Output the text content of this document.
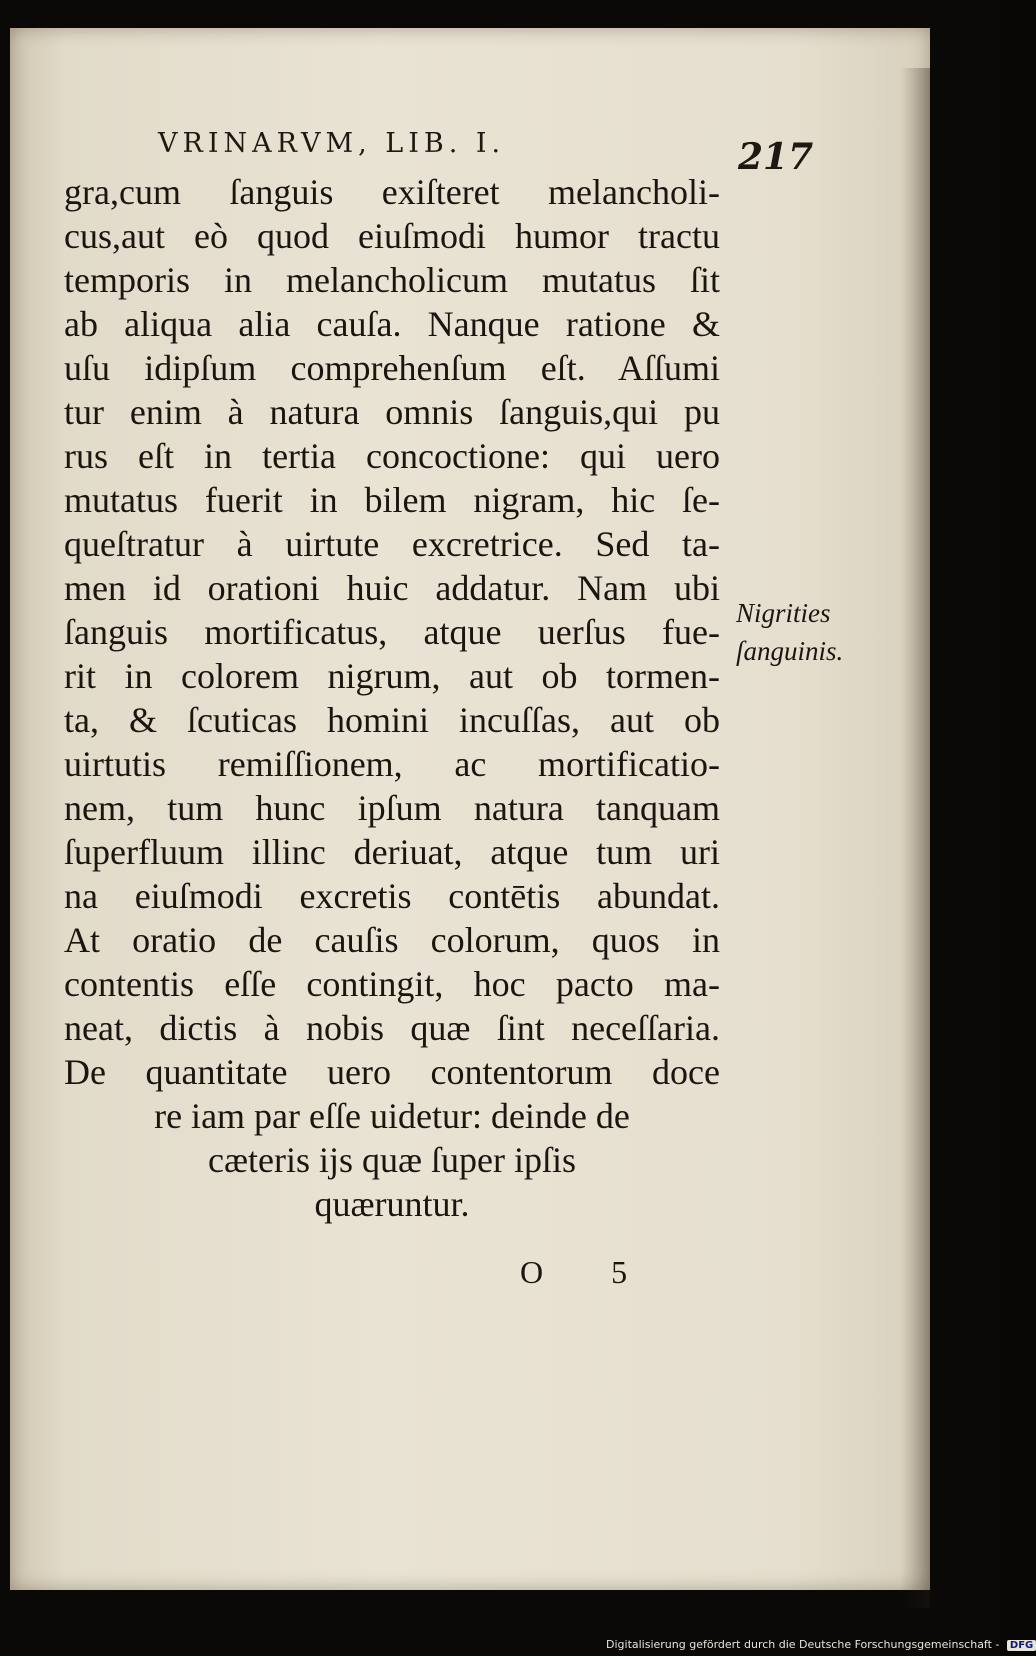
VRINARVM, LIB. I.	217
gra,cum ſanguis exiſteret melancholi-
cus,aut eò quod eiuſmodi humor tractu
temporis in melancholicum mutatus ſit
ab aliqua alia cauſa. Nanque ratione &
uſu idipſum comprehenſum eſt. Aſſumi
tur enim à natura omnis ſanguis,qui pu
rus eſt in tertia concoctione: qui uero
mutatus fuerit in bilem nigram, hic ſe-
queſtratur à uirtute excretrice. Sed ta-
men id orationi huic addatur. Nam ubi
ſanguis mortificatus, atque uerſus fue-
rit in colorem nigrum, aut ob tormen-
ta, & ſcuticas homini incuſſas, aut ob
uirtutis remiſſionem, ac mortificatio-
nem, tum hunc ipſum natura tanquam
ſuperfluum illinc deriuat, atque tum uri
na eiuſmodi excretis contētis abundat.
At oratio de cauſis colorum, quos in
contentis eſſe contingit, hoc pacto ma-
neat, dictis à nobis quæ ſint neceſſaria.
De quantitate uero contentorum doce
re iam par eſſe uidetur: deinde de
cæteris ijs quæ ſuper ipſis
quæruntur.
Nigrities
ſanguinis.
O 5
Digitalisierung gefördert durch die Deutsche Forschungsgemeinschaft - DFG
